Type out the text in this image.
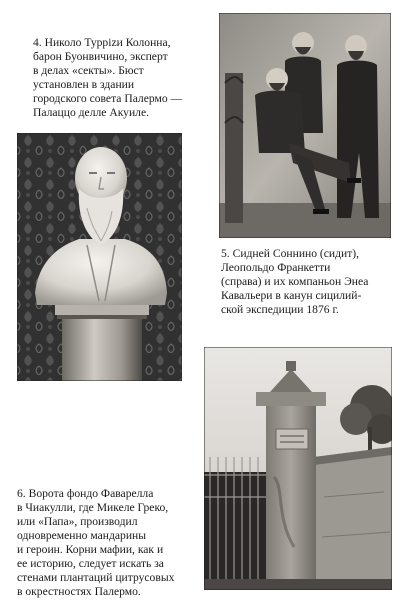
4. Николо Туррizи Колонна,
барон Буонвичино, эксперт
в делах «секты». Бюст
установлен в здании
городского совета Палермо —
Палаццо делле Акуиле.
5. Сидней Соннино (сидит),
Леопольдо Франкетти
(справа) и их компаньон Энеа
Кавальери в канун сицилий-
ской экспедиции 1876 г.
6. Ворота фондо Фаварелла
в Чиакулли, где Микеле Греко,
или «Папа», производил
одновременно мандарины
и героин. Корни мафии, как и
ее историю, следует искать за
стенами плантаций цитрусовых
в окрестностях Палермо.
